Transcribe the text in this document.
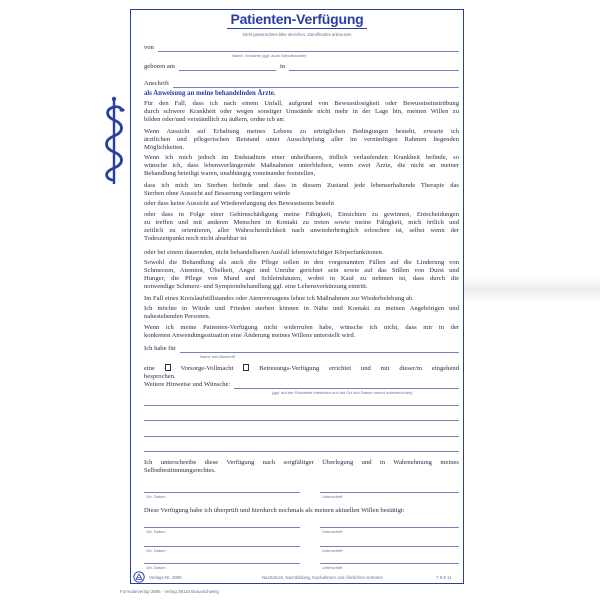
Patienten-Verfügung
Nicht gewünschtes bitte streichen, Zutreffendes ankreuzen
von
Name, Vorname (ggf. auch Geburtsname)
geboren am	in
Anschrift
als Anweisung an meine behandelnden Ärzte.
Für den Fall, dass ich nach einem Unfall, aufgrund von Bewusstlosigkeit oder Bewusstseinstrübung
durch schwere Krankheit oder wegen sonstiger Umstände nicht mehr in der Lage bin, meinen Willen zu
bilden oder/und verständlich zu äußern, ordne ich an:
Wenn Aussicht auf Erhaltung meines Lebens zu erträglichen Bedingungen besteht, erwarte ich
ärztlichen und pflegerischen Beistand unter Ausschöpfung aller im vernünftigen Rahmen liegenden
Möglichkeiten.
Wenn ich mich jedoch im Endstadium einer unheilbaren, tödlich verlaufenden Krankheit befinde, so
wünsche ich, dass lebensverlängernde Maßnahmen unterbleiben, wenn zwei Ärzte, die nicht an meiner
Behandlung beteiligt waren, unabhängig voneinander feststellen,
dass ich mich im Sterben befinde und dass in diesem Zustand jede lebenserhaltende Therapie das
Sterben ohne Aussicht auf Besserung verlängern würde
oder dass keine Aussicht auf Wiedererlangung des Bewusstseins besteht
oder dass in Folge einer Gehirnschädigung meine Fähigkeit, Einsichten zu gewinnen, Entscheidungen
zu treffen und mit anderen Menschen in Kontakt zu treten sowie meine Fähigkeit, mich örtlich und
zeitlich zu orientieren, aller Wahrscheinlichkeit nach unwiederbringlich erloschen ist, selbst wenn der
Todeszeitpunkt noch nicht absehbar ist
oder bei einem dauernden, nicht behandelbaren Ausfall lebenswichtiger Körperfunktionen.
Sowohl die Behandlung als auch die Pflege sollen in den vorgenannten Fällen auf die Linderung von
Schmerzen, Atemnot, Übelkeit, Angst und Unruhe gerichtet sein sowie auf das Stillen von Durst und
Hunger, die Pflege von Mund und Schleimhäuten, wobei in Kauf zu nehmen ist, dass durch die
notwendige Schmerz- und Symptombehandlung ggf. eine Lebensverkürzung eintritt.
Im Fall eines Kreislaufstillstandes oder Atemversagens lehne ich Maßnahmen zur Wiederbelebung ab.
Ich möchte in Würde und Frieden sterben können in Nähe und Kontakt zu meinen Angehörigen und
nahestehenden Personen.
Wenn ich meine Patienten-Verfügung nicht widerrufen habe, wünsche ich nicht, dass mir in der
konkreten Anwendungssituation eine Änderung meines Willens unterstellt wird.
Ich habe für
Name und Anschrift
eine	Vorsorge-Vollmacht	Betreuungs-Verfügung errichtet und mit dieser/m eingehend
besprochen.
Weitere Hinweise und Wünsche:
(ggf. auf der Rückseite fortsetzen und mit Ort und Datum erneut unterzeichnen)
Ich unterschreibe diese Verfügung nach sorgfältiger Überlegung und in Wahrnehmung meines
Selbstbestimmungsrechtes.
Ort, Datum	Unterschrift
Diese Verfügung habe ich überprüft und hierdurch nochmals als meinen aktuellen Willen bestätigt:
Ort, Datum	Unterschrift
Ort, Datum	Unterschrift
Ort, Datum	Unterschrift
Verlags-Nr. 2895	Nachdruck, Nachbildung, Nachahmen und Ähnliches verboten	7 8 9 11
Formularverlag 2895 · Verlag 38118 Braunschweig
